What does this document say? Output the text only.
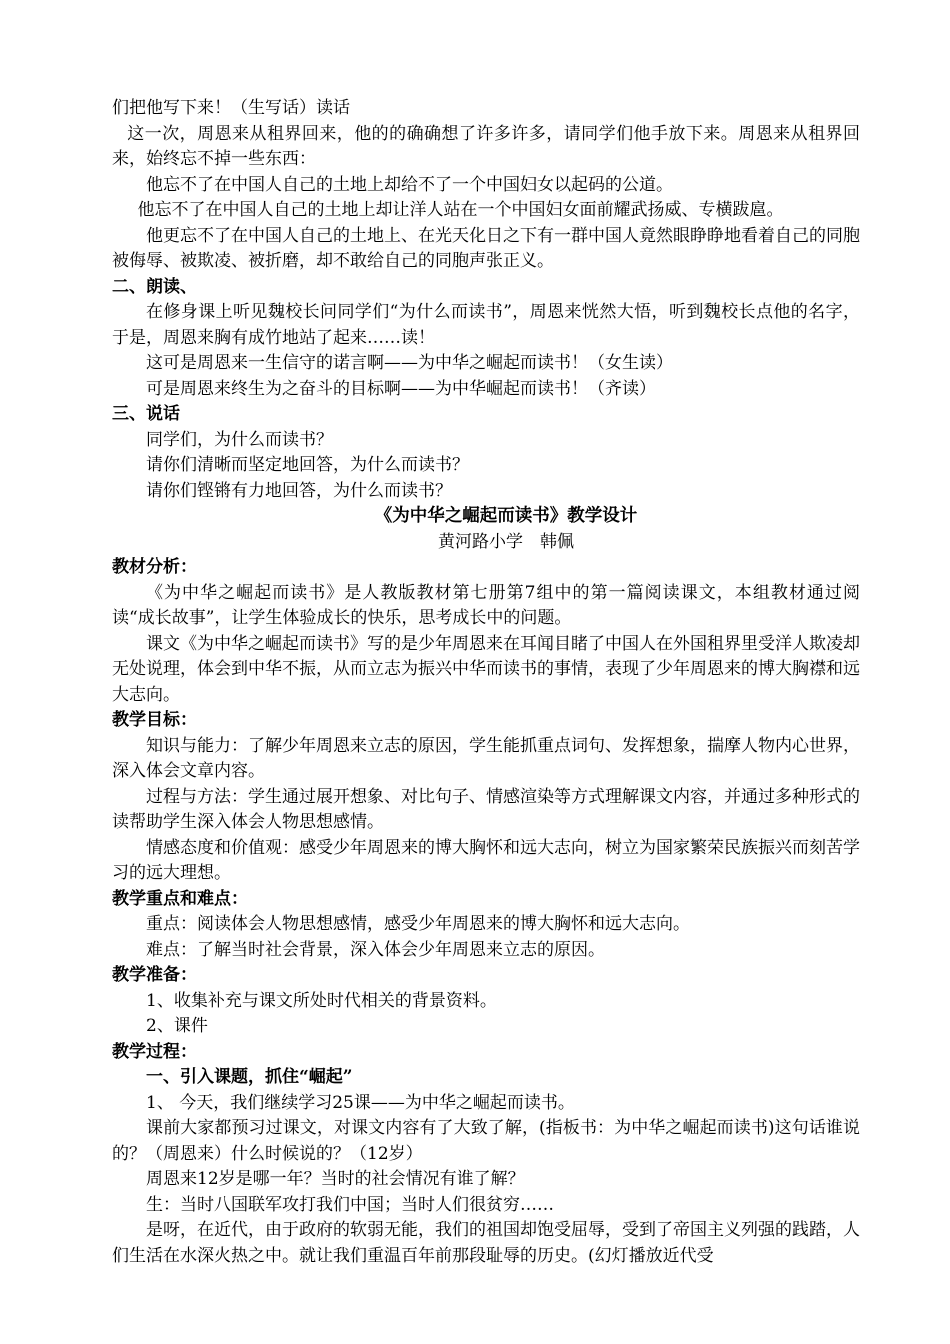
们把他写下来！（生写话）读话

这一次，周恩来从租界回来，他的的确确想了许多许多，请同学们他手放下来。周恩来从租界回来，始终忘不掉一些东西：

他忘不了在中国人自己的土地上却给不了一个中国妇女以起码的公道。

他忘不了在中国人自己的土地上却让洋人站在一个中国妇女面前耀武扬威、专横跋扈。

他更忘不了在中国人自己的土地上、在光天化日之下有一群中国人竟然眼睁睁地看着自己的同胞被侮辱、被欺凌、被折磨，却不敢给自己的同胞声张正义。

二、朗读、

在修身课上听见魏校长问同学们“为什么而读书”，周恩来恍然大悟，听到魏校长点他的名字，于是，周恩来胸有成竹地站了起来……读！

这可是周恩来一生信守的诺言啊——为中华之崛起而读书！（女生读）

可是周恩来终生为之奋斗的目标啊——为中华崛起而读书！（齐读）

三、说话

同学们，为什么而读书？

请你们清晰而坚定地回答，为什么而读书？

请你们铿锵有力地回答，为什么而读书？

《为中华之崛起而读书》教学设计

黄河路小学　韩佩

教材分析：

《为中华之崛起而读书》是人教版教材第七册第7组中的第一篇阅读课文，本组教材通过阅读“成长故事”，让学生体验成长的快乐，思考成长中的问题。

课文《为中华之崛起而读书》写的是少年周恩来在耳闻目睹了中国人在外国租界里受洋人欺凌却无处说理，体会到中华不振，从而立志为振兴中华而读书的事情，表现了少年周恩来的博大胸襟和远大志向。

教学目标：

知识与能力：了解少年周恩来立志的原因，学生能抓重点词句、发挥想象，揣摩人物内心世界，深入体会文章内容。

过程与方法：学生通过展开想象、对比句子、情感渲染等方式理解课文内容，并通过多种形式的读帮助学生深入体会人物思想感情。

情感态度和价值观：感受少年周恩来的博大胸怀和远大志向，树立为国家繁荣民族振兴而刻苦学习的远大理想。

教学重点和难点：

重点：阅读体会人物思想感情，感受少年周恩来的博大胸怀和远大志向。

难点：了解当时社会背景，深入体会少年周恩来立志的原因。

教学准备：

1、收集补充与课文所处时代相关的背景资料。

2、课件

教学过程：

一、引入课题，抓住“崛起”

1、 今天，我们继续学习25课——为中华之崛起而读书。

课前大家都预习过课文，对课文内容有了大致了解，(指板书：为中华之崛起而读书)这句话谁说的？（周恩来）什么时候说的？（12岁）

周恩来12岁是哪一年？当时的社会情况有谁了解？

生：当时八国联军攻打我们中国；当时人们很贫穷……

是呀，在近代，由于政府的软弱无能，我们的祖国却饱受屈辱，受到了帝国主义列强的践踏，人们生活在水深火热之中。就让我们重温百年前那段耻辱的历史。(幻灯播放近代受
